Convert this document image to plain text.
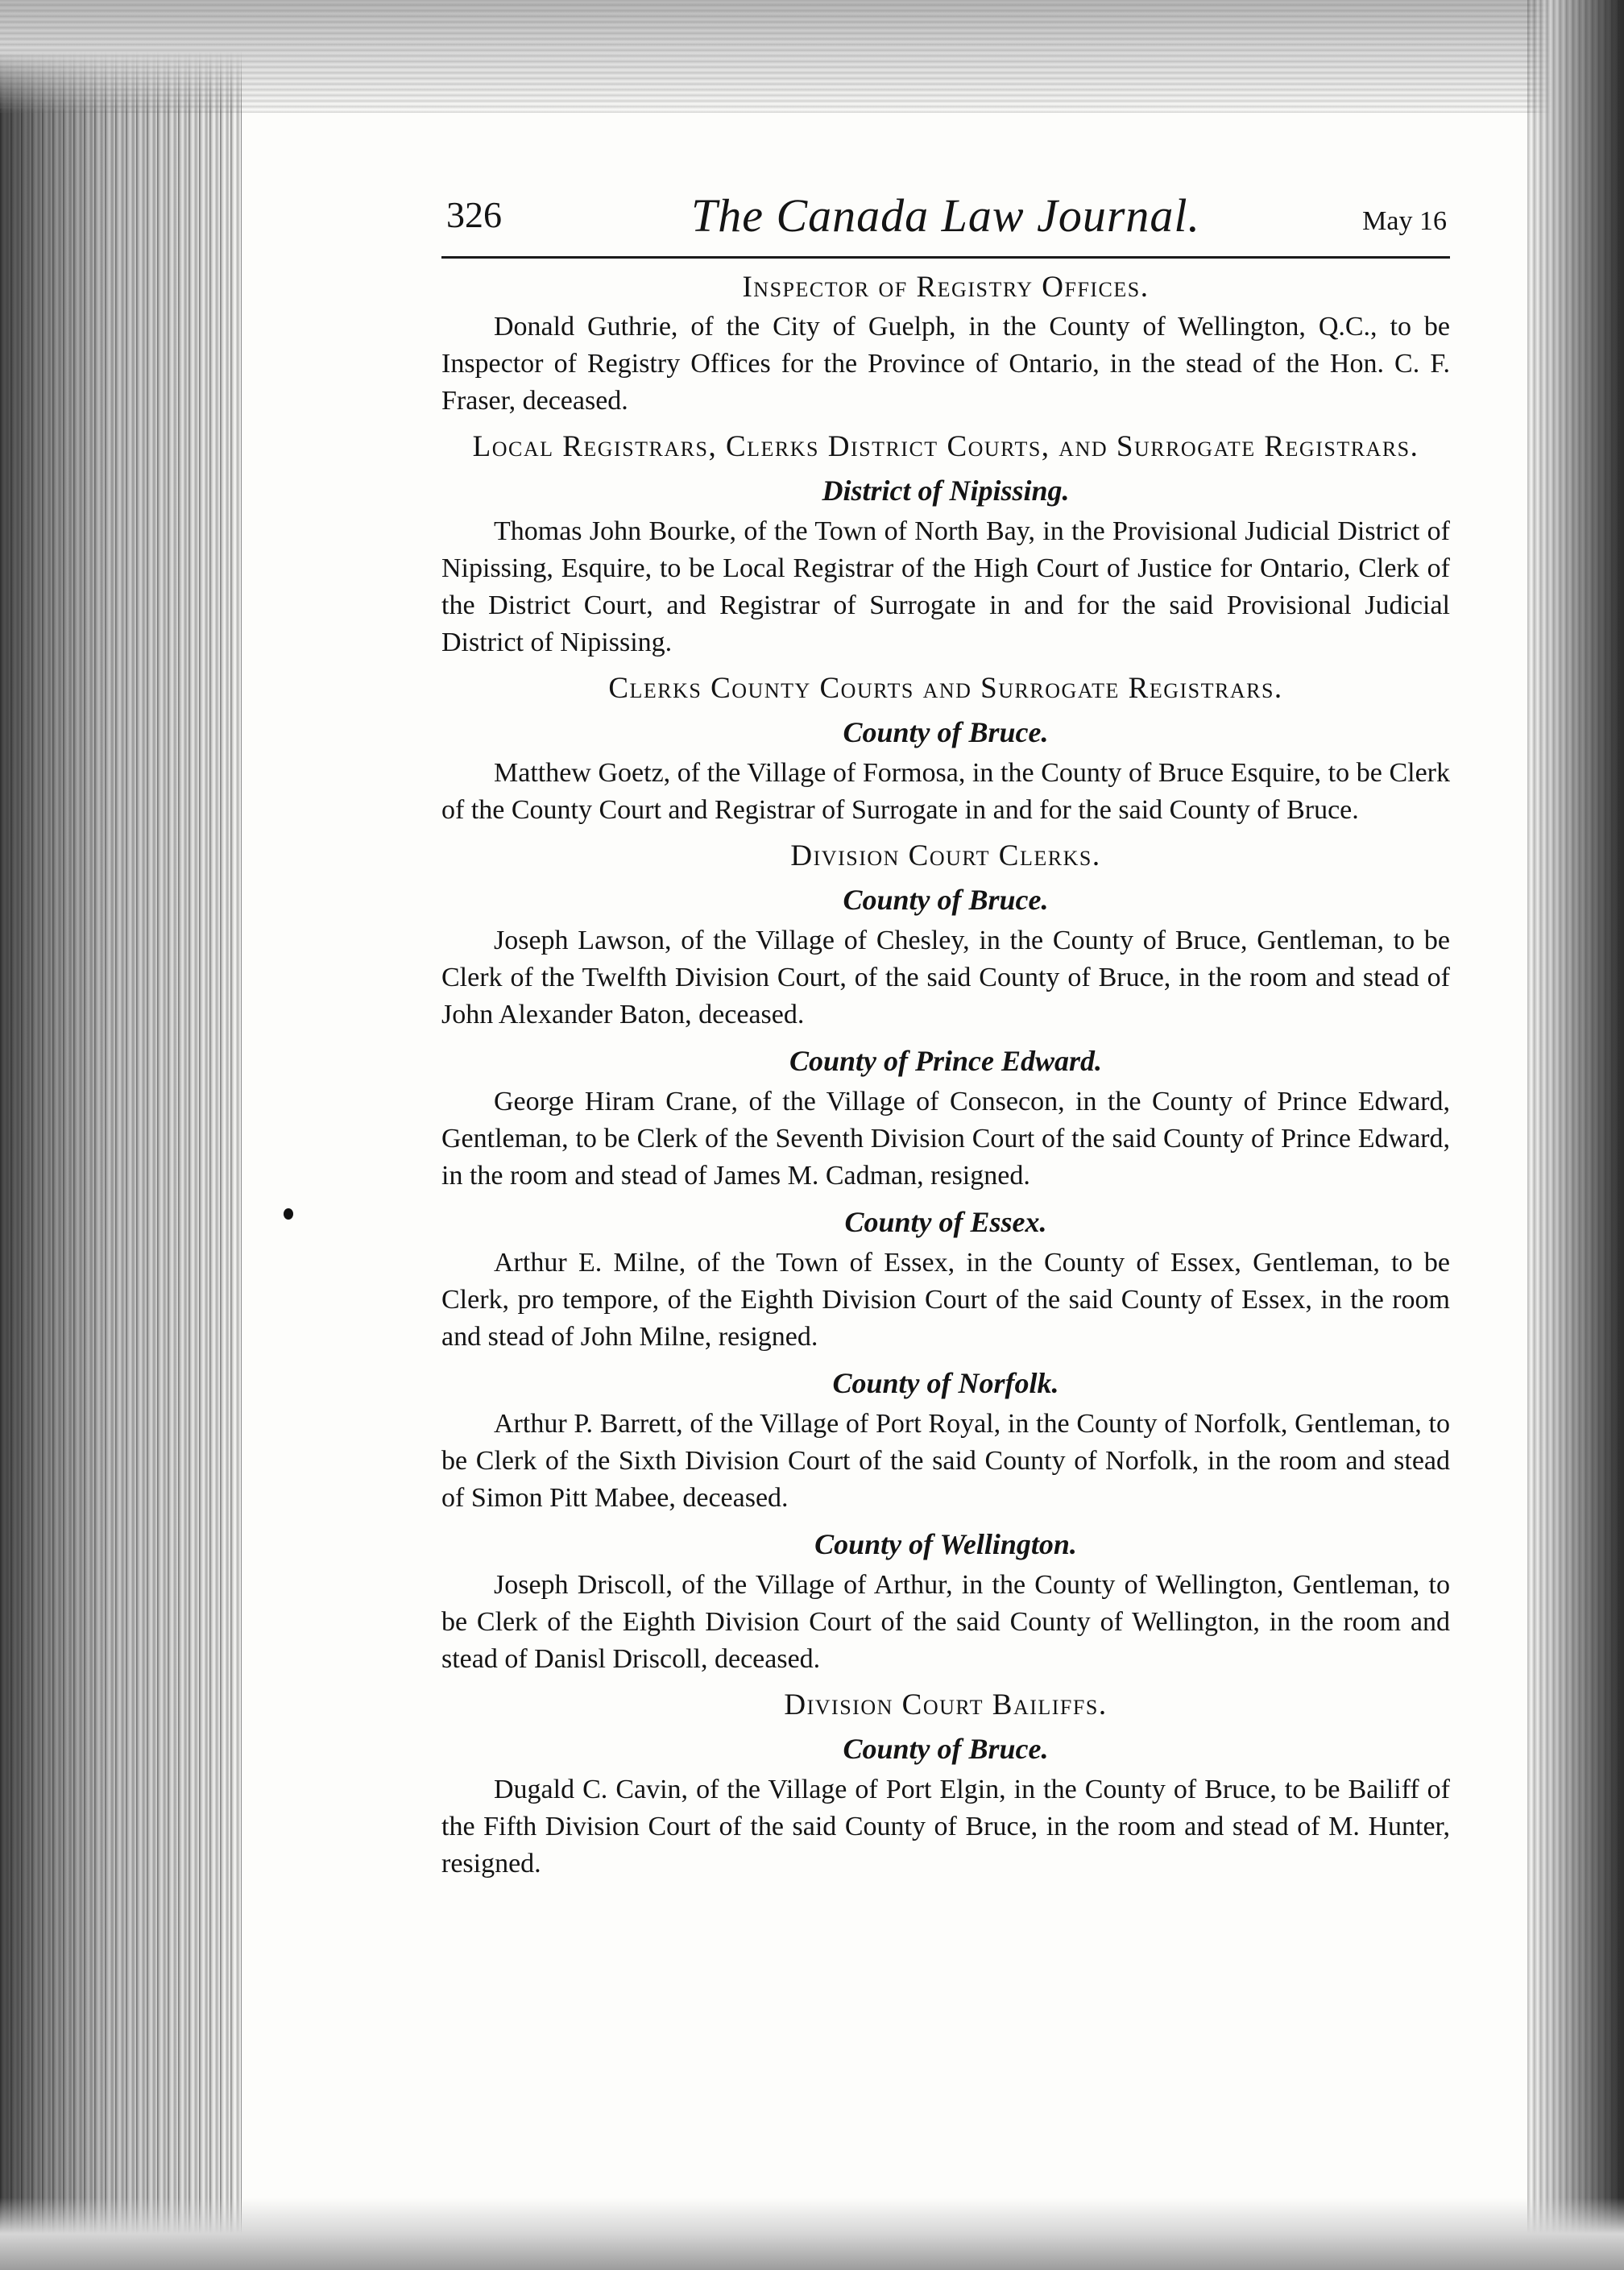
326	The Canada Law Journal.	May 16
Inspector of Registry Offices.

Donald Guthrie, of the City of Guelph, in the County of Wellington, Q.C., to be Inspector of Registry Offices for the Province of Ontario, in the stead of the Hon. C. F. Fraser, deceased.

Local Registrars, Clerks District Courts, and Surrogate Registrars.
District of Nipissing.

Thomas John Bourke, of the Town of North Bay, in the Provisional Judicial District of Nipissing, Esquire, to be Local Registrar of the High Court of Justice for Ontario, Clerk of the District Court, and Registrar of Surrogate in and for the said Provisional Judicial District of Nipissing.

Clerks County Courts and Surrogate Registrars.
County of Bruce.

Matthew Goetz, of the Village of Formosa, in the County of Bruce Esquire, to be Clerk of the County Court and Registrar of Surrogate in and for the said County of Bruce.

Division Court Clerks.
County of Bruce.

Joseph Lawson, of the Village of Chesley, in the County of Bruce, Gentleman, to be Clerk of the Twelfth Division Court, of the said County of Bruce, in the room and stead of John Alexander Baton, deceased.

County of Prince Edward.

George Hiram Crane, of the Village of Consecon, in the County of Prince Edward, Gentleman, to be Clerk of the Seventh Division Court of the said County of Prince Edward, in the room and stead of James M. Cadman, resigned.

County of Essex.

Arthur E. Milne, of the Town of Essex, in the County of Essex, Gentleman, to be Clerk, pro tempore, of the Eighth Division Court of the said County of Essex, in the room and stead of John Milne, resigned.

County of Norfolk.

Arthur P. Barrett, of the Village of Port Royal, in the County of Norfolk, Gentleman, to be Clerk of the Sixth Division Court of the said County of Norfolk, in the room and stead of Simon Pitt Mabee, deceased.

County of Wellington.

Joseph Driscoll, of the Village of Arthur, in the County of Wellington, Gentleman, to be Clerk of the Eighth Division Court of the said County of Wellington, in the room and stead of Danisl Driscoll, deceased.

Division Court Bailiffs.
County of Bruce.

Dugald C. Cavin, of the Village of Port Elgin, in the County of Bruce, to be Bailiff of the Fifth Division Court of the said County of Bruce, in the room and stead of M. Hunter, resigned.
